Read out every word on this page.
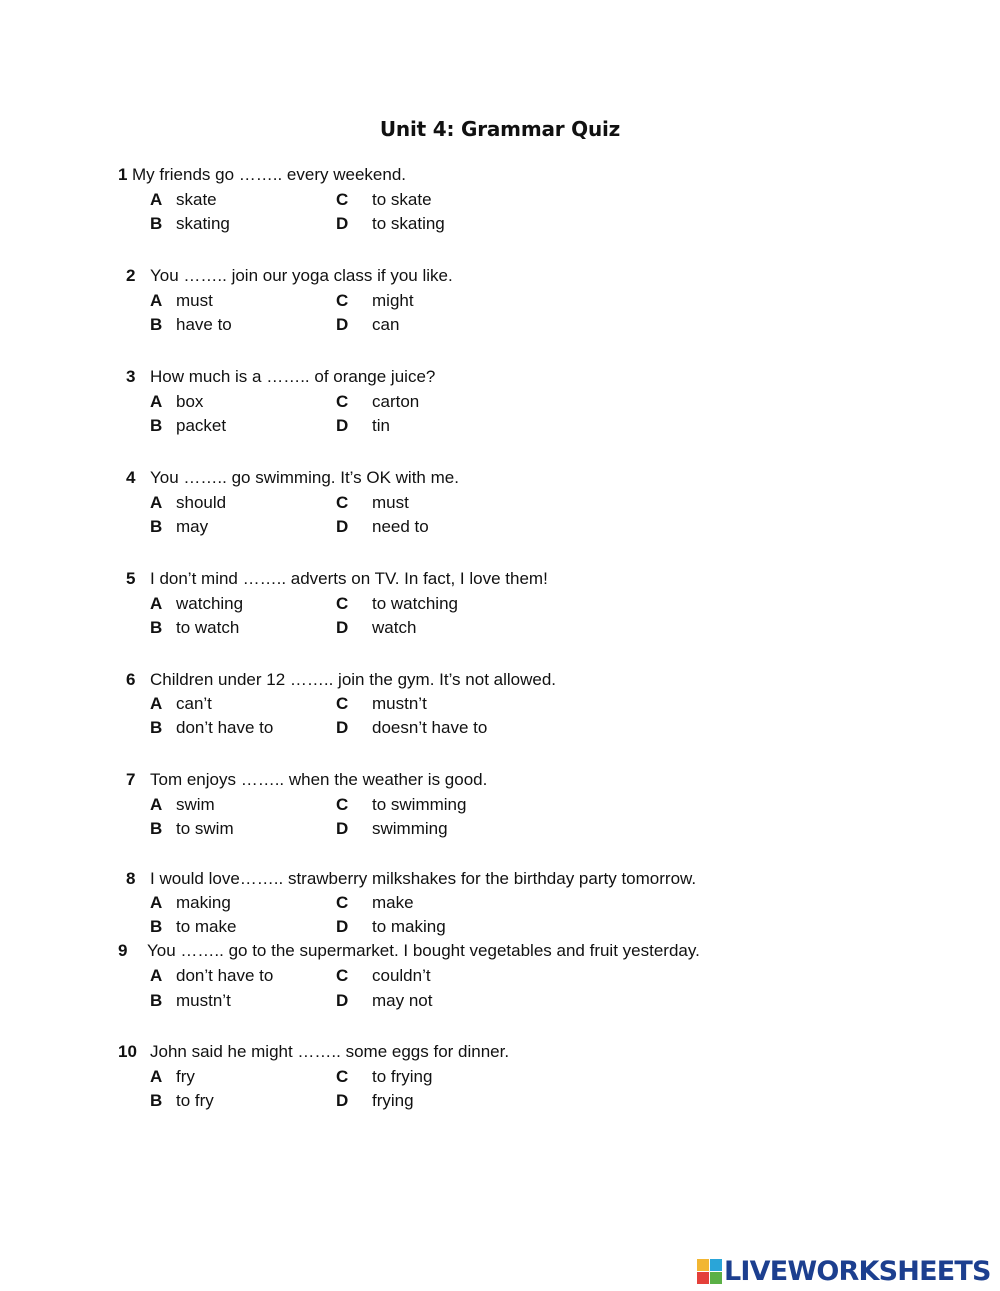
Unit 4: Grammar Quiz
1 My friends go …….. every weekend.
A skate
B skating
C to skate
D to skating
2 You …….. join our yoga class if you like.
A must
B have to
C might
D can
3 How much is a …….. of orange juice?
A box
B packet
C carton
D tin
4 You …….. go swimming. It’s OK with me.
A should
B may
C must
D need to
5 I don’t mind …….. adverts on TV. In fact, I love them!
A watching
B to watch
C to watching
D watch
6 Children under 12 …….. join the gym. It’s not allowed.
A can’t
B don’t have to
C mustn’t
D doesn’t have to
7 Tom enjoys …….. when the weather is good.
A swim
B to swim
C to swimming
D swimming
8 I would love…….. strawberry milkshakes for the birthday party tomorrow.
A making
B to make
C make
D to making
9 You …….. go to the supermarket. I bought vegetables and fruit yesterday.
A don’t have to
B mustn’t
C couldn’t
D may not
10 John said he might …….. some eggs for dinner.
A fry
B to fry
C to frying
D frying
LIVEWORKSHEETS
